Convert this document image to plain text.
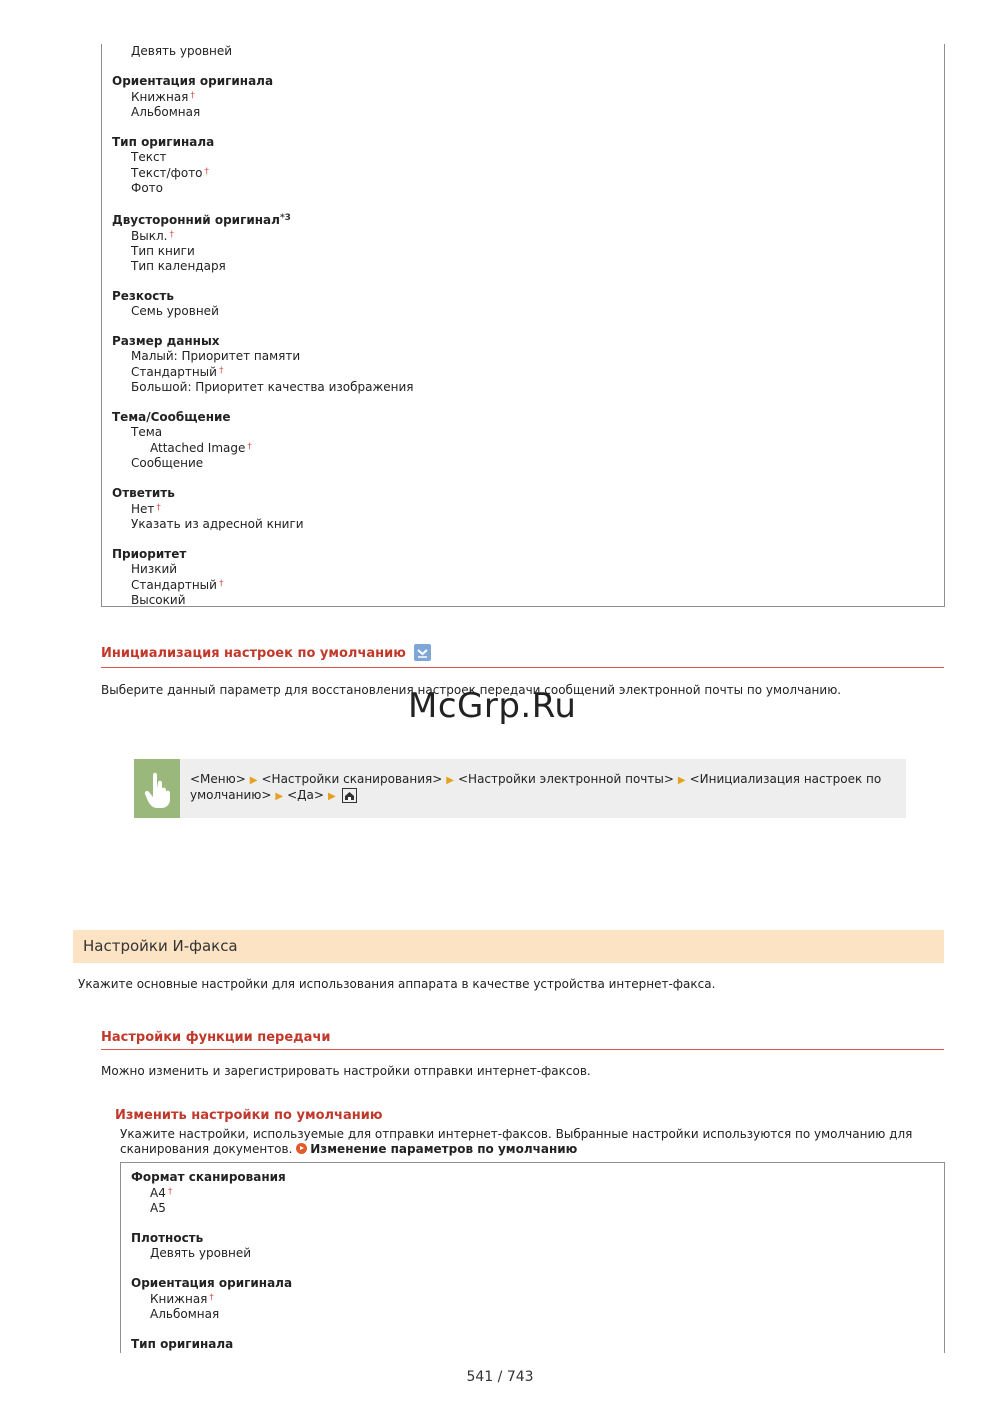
Девять уровней
Ориентация оригинала
Книжная †
Альбомная
Тип оригинала
Текст
Текст/фото †
Фото
Двусторонний оригинал$^{*3}$
Выкл. †
Тип книги
Тип календаря
Резкость
Семь уровней
Размер данных
Малый: Приоритет памяти
Стандартный †
Большой: Приоритет качества изображения
Тема/Сообщение
Тема
Attached Image †
Сообщение
Ответить
Нет †
Указать из адресной книги
Приоритет
Низкий
Стандартный †
Высокий
Инициализация настроек по умолчанию
Выберите данный параметр для восстановления настроек передачи сообщений электронной почты по умолчанию.
McGrp.Ru
<Меню> ▶ <Настройки сканирования> ▶ <Настройки электронной почты> ▶ <Инициализация настроек по умолчанию> ▶ <Да> ▶
Настройки И-факса
Укажите основные настройки для использования аппарата в качестве устройства интернет-факса.
Настройки функции передачи
Можно изменить и зарегистрировать настройки отправки интернет-факсов.
Изменить настройки по умолчанию
Укажите настройки, используемые для отправки интернет-факсов. Выбранные настройки используются по умолчанию для сканирования документов. Изменение параметров по умолчанию
Формат сканирования
A4 †
A5
Плотность
Девять уровней
Ориентация оригинала
Книжная †
Альбомная
Тип оригинала
541 / 743
